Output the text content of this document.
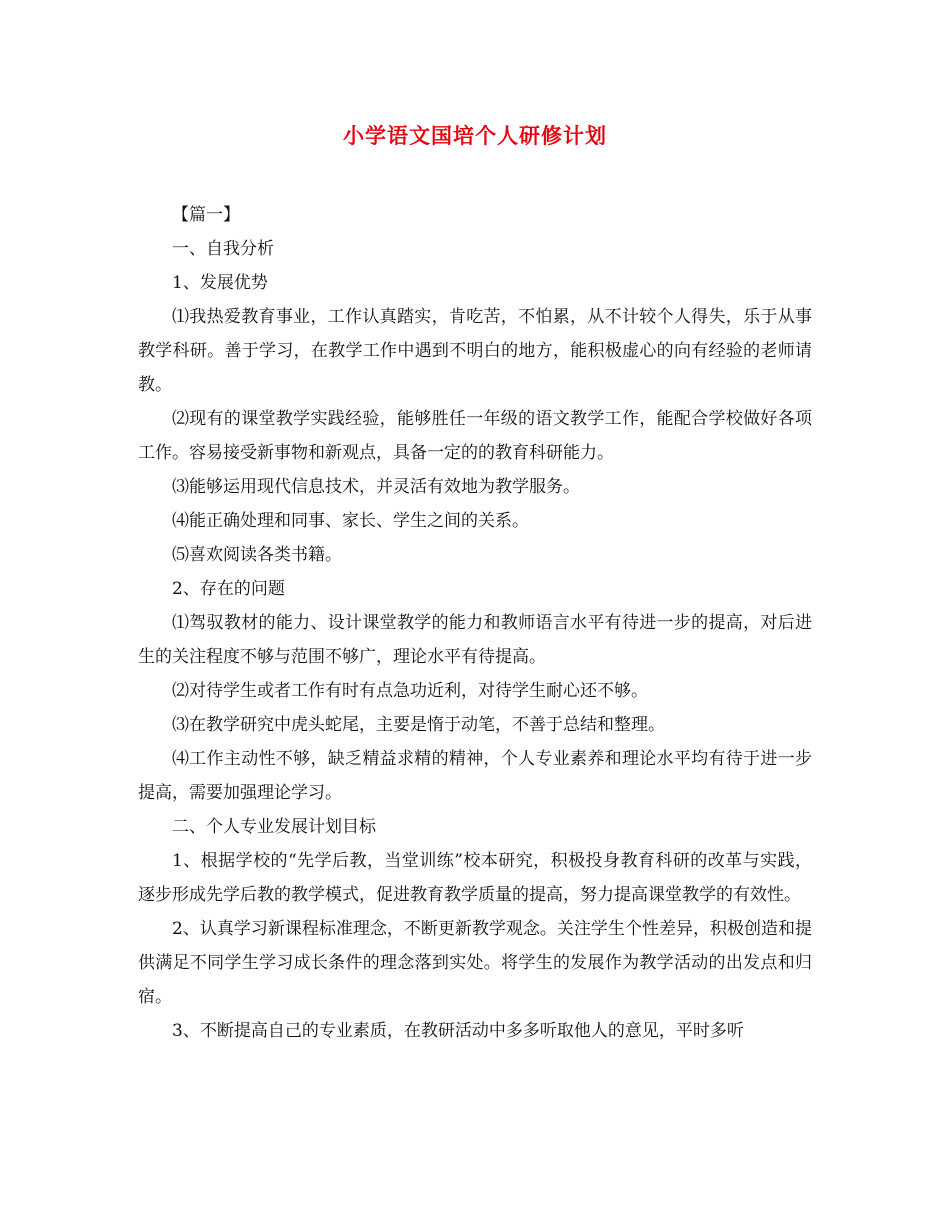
小学语文国培个人研修计划

【篇一】

一、自我分析

1、发展优势

⑴我热爱教育事业，工作认真踏实，肯吃苦，不怕累，从不计较个人得失，乐于从事教学科研。善于学习，在教学工作中遇到不明白的地方，能积极虚心的向有经验的老师请教。

⑵现有的课堂教学实践经验，能够胜任一年级的语文教学工作，能配合学校做好各项工作。容易接受新事物和新观点，具备一定的的教育科研能力。

⑶能够运用现代信息技术，并灵活有效地为教学服务。

⑷能正确处理和同事、家长、学生之间的关系。

⑸喜欢阅读各类书籍。

2、存在的问题

⑴驾驭教材的能力、设计课堂教学的能力和教师语言水平有待进一步的提高，对后进生的关注程度不够与范围不够广，理论水平有待提高。

⑵对待学生或者工作有时有点急功近利，对待学生耐心还不够。

⑶在教学研究中虎头蛇尾，主要是惰于动笔，不善于总结和整理。

⑷工作主动性不够，缺乏精益求精的精神，个人专业素养和理论水平均有待于进一步提高，需要加强理论学习。

二、个人专业发展计划目标

1、根据学校的“先学后教，当堂训练”校本研究，积极投身教育科研的改革与实践，逐步形成先学后教的教学模式，促进教育教学质量的提高，努力提高课堂教学的有效性。

2、认真学习新课程标准理念，不断更新教学观念。关注学生个性差异，积极创造和提供满足不同学生学习成长条件的理念落到实处。将学生的发展作为教学活动的出发点和归宿。

3、不断提高自己的专业素质，在教研活动中多多听取他人的意见，平时多听
